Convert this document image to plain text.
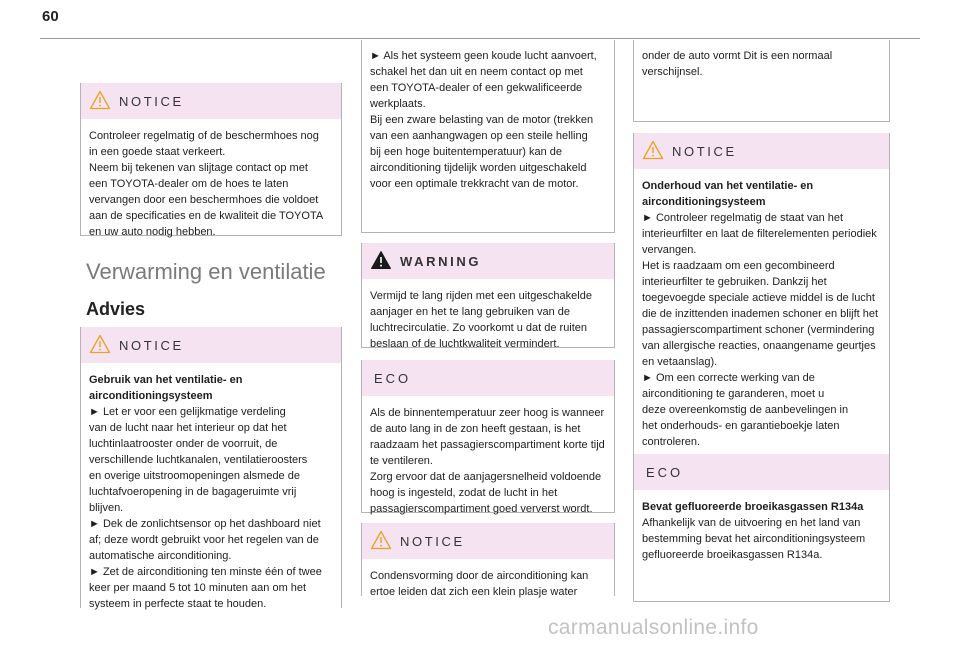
60
NOTICE

Controleer regelmatig of de beschermhoes nog
in een goede staat verkeert.
Neem bij tekenen van slijtage contact op met
een TOYOTA-dealer om de hoes te laten
vervangen door een beschermhoes die voldoet
aan de specificaties en de kwaliteit die TOYOTA
en uw auto nodig hebben.

Verwarming en ventilatie
Advies
NOTICE

Gebruik van het ventilatie- en
airconditioningsysteem

► Let er voor een gelijkmatige verdeling
van de lucht naar het interieur op dat het
luchtinlaatrooster onder de voorruit, de
verschillende luchtkanalen, ventilatieroosters
en overige uitstroomopeningen alsmede de
luchtafvoeropening in de bagageruimte vrij
blijven.
► Dek de zonlichtsensor op het dashboard niet
af; deze wordt gebruikt voor het regelen van de
automatische airconditioning.
► Zet de airconditioning ten minste één of twee
keer per maand 5 tot 10 minuten aan om het
systeem in perfecte staat te houden.

► Als het systeem geen koude lucht aanvoert,
schakel het dan uit en neem contact op met
een TOYOTA-dealer of een gekwalificeerde
werkplaats.
Bij een zware belasting van de motor (trekken
van een aanhangwagen op een steile helling
bij een hoge buitentemperatuur) kan de
airconditioning tijdelijk worden uitgeschakeld
voor een optimale trekkracht van de motor.

WARNING

Vermijd te lang rijden met een uitgeschakelde
aanjager en het te lang gebruiken van de
luchtrecirculatie. Zo voorkomt u dat de ruiten
beslaan of de luchtkwaliteit vermindert.

ECO

Als de binnentemperatuur zeer hoog is wanneer
de auto lang in de zon heeft gestaan, is het
raadzaam het passagierscompartiment korte tijd
te ventileren.
Zorg ervoor dat de aanjagersnelheid voldoende
hoog is ingesteld, zodat de lucht in het
passagierscompartiment goed ververst wordt.

NOTICE

Condensvorming door de airconditioning kan
ertoe leiden dat zich een klein plasje water

onder de auto vormt Dit is een normaal
verschijnsel.

NOTICE

Onderhoud van het ventilatie- en
airconditioningsysteem

► Controleer regelmatig de staat van het
interieurfilter en laat de filterelementen periodiek
vervangen.
Het is raadzaam om een gecombineerd
interieurfilter te gebruiken. Dankzij het
toegevoegde speciale actieve middel is de lucht
die de inzittenden inademen schoner en blijft het
passagierscompartiment schoner (vermindering
van allergische reacties, onaangename geurtjes
en vetaanslag).
► Om een correcte werking van de
airconditioning te garanderen, moet u
deze overeenkomstig de aanbevelingen in
het onderhouds- en garantieboekje laten
controleren.

ECO

Bevat gefluoreerde broeikasgassen R134a

Afhankelijk van de uitvoering en het land van
bestemming bevat het airconditioningsysteem
gefluoreerde broeikasgassen R134a.

carmanualsonline.info
